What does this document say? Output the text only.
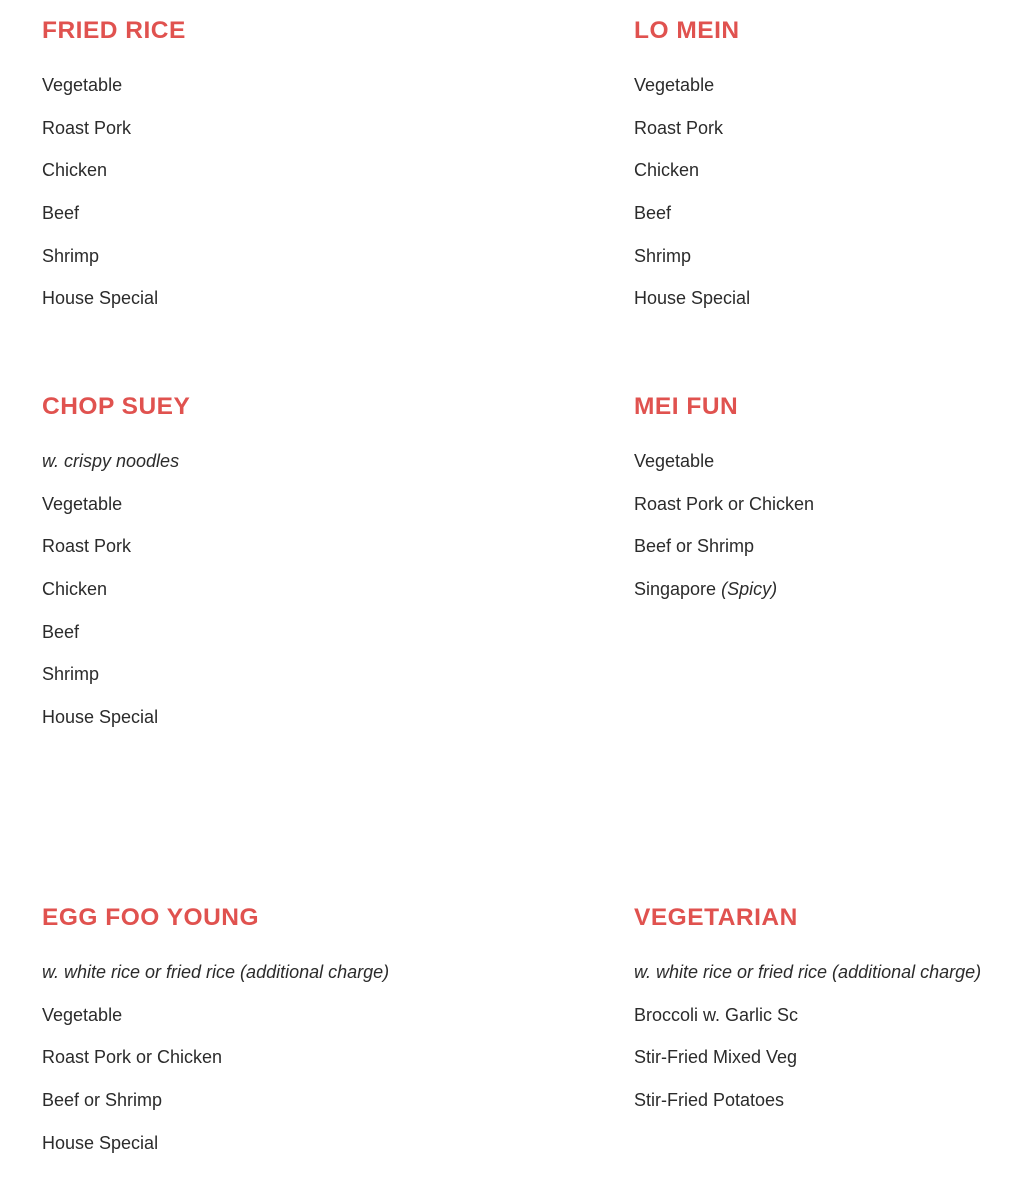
FRIED RICE
Vegetable
Roast Pork
Chicken
Beef
Shrimp
House Special
LO MEIN
Vegetable
Roast Pork
Chicken
Beef
Shrimp
House Special
CHOP SUEY
w. crispy noodles
Vegetable
Roast Pork
Chicken
Beef
Shrimp
House Special
MEI FUN
Vegetable
Roast Pork or Chicken
Beef or Shrimp
Singapore (Spicy)
EGG FOO YOUNG
w. white rice or fried rice (additional charge)
Vegetable
Roast Pork or Chicken
Beef or Shrimp
House Special
VEGETARIAN
w. white rice or fried rice (additional charge)
Broccoli w. Garlic Sc
Stir-Fried Mixed Veg
Stir-Fried Potatoes
